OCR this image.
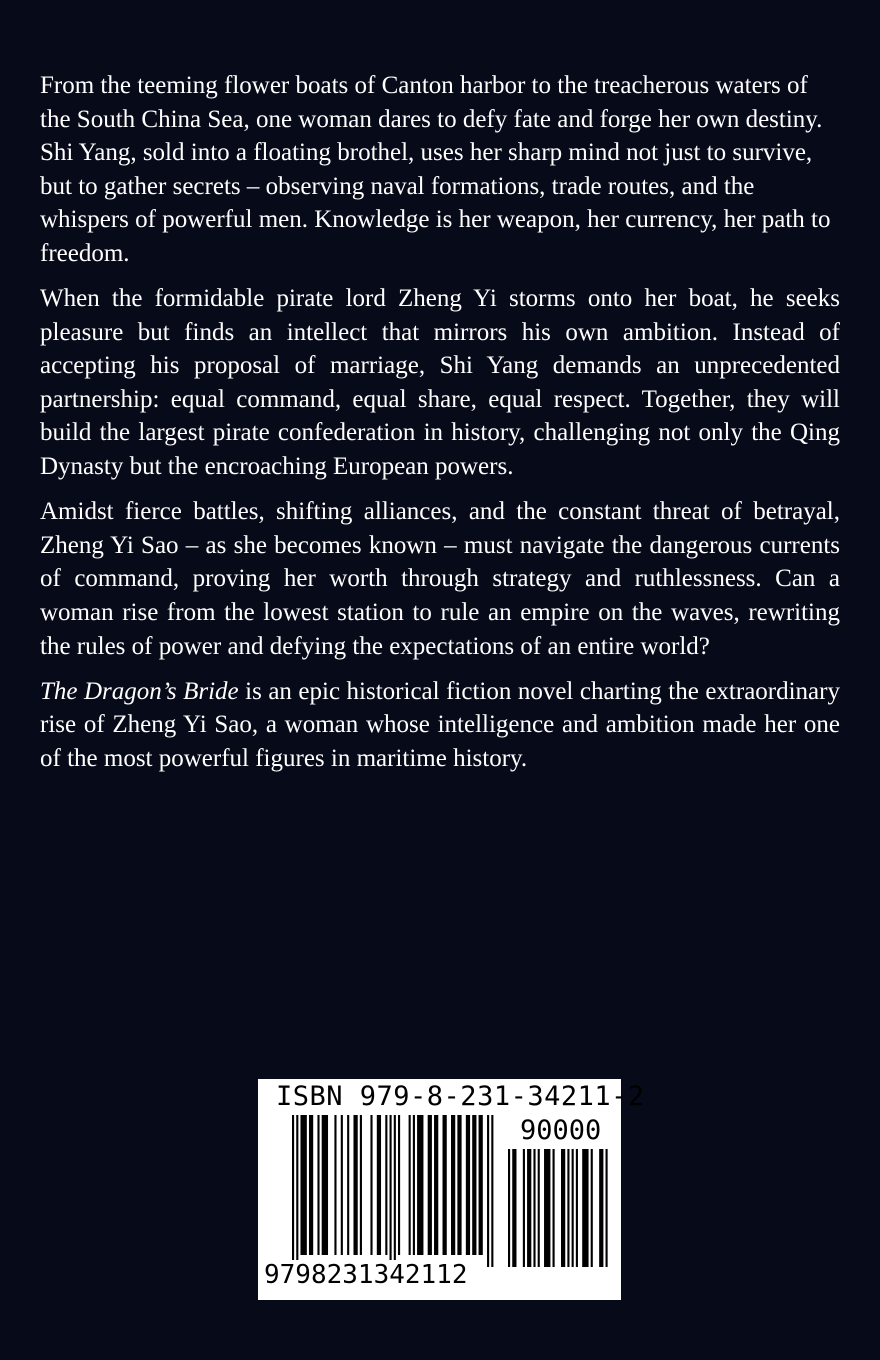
From the teeming flower boats of Canton harbor to the treacherous waters of the South China Sea, one woman dares to defy fate and forge her own destiny. Shi Yang, sold into a floating brothel, uses her sharp mind not just to survive, but to gather secrets – observing naval formations, trade routes, and the whispers of powerful men. Knowledge is her weapon, her currency, her path to freedom.

When the formidable pirate lord Zheng Yi storms onto her boat, he seeks pleasure but finds an intellect that mirrors his own ambition. Instead of accepting his proposal of marriage, Shi Yang demands an unprecedented partnership: equal command, equal share, equal respect. Together, they will build the largest pirate confederation in history, challenging not only the Qing Dynasty but the encroaching European powers.

Amidst fierce battles, shifting alliances, and the constant threat of betrayal, Zheng Yi Sao – as she becomes known – must navigate the dangerous currents of command, proving her worth through strategy and ruthlessness. Can a woman rise from the lowest station to rule an empire on the waves, rewriting the rules of power and defying the expectations of an entire world?

The Dragon’s Bride is an epic historical fiction novel charting the extraordinary rise of Zheng Yi Sao, a woman whose intelligence and ambition made her one of the most powerful figures in maritime history.

ISBN 979-8-231-34211-2
90000
9798231342112
